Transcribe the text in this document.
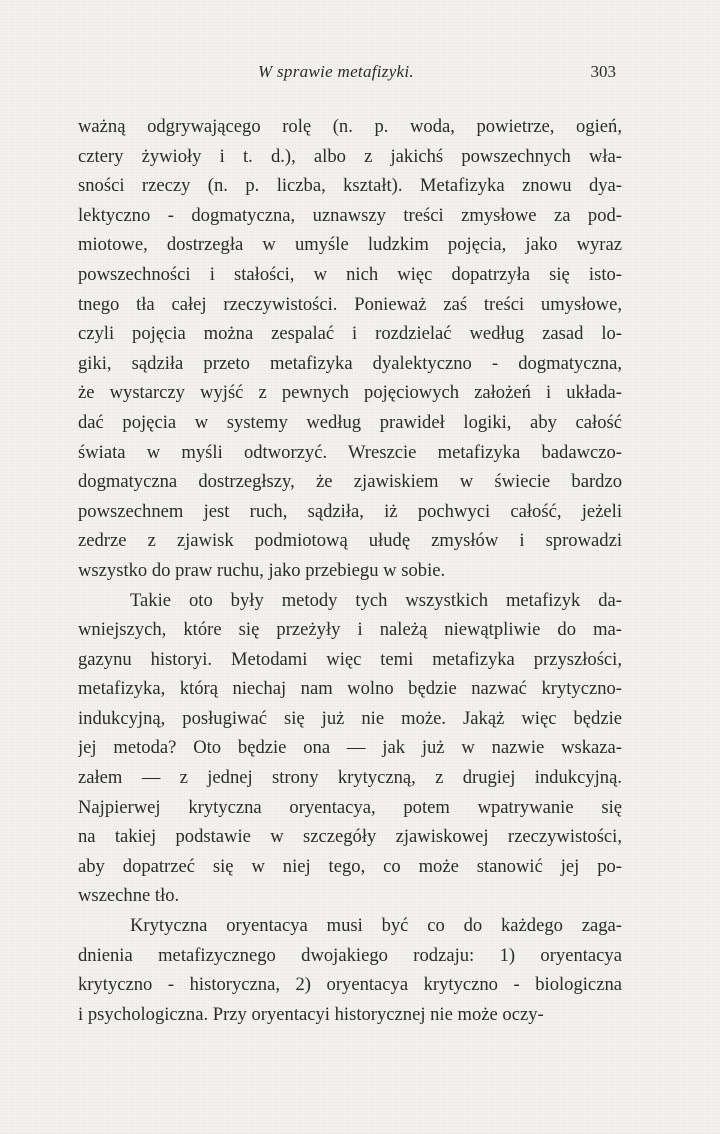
W sprawie metafizyki.	303
ważną odgrywającego rolę (n. p. woda, powietrze, ogień,
cztery żywioły i t. d.), albo z jakichś powszechnych wła-
sności rzeczy (n. p. liczba, kształt). Metafizyka znowu dya-
lektyczno - dogmatyczna, uznawszy treści zmysłowe za pod-
miotowe, dostrzegła w umyśle ludzkim pojęcia, jako wyraz
powszechności i stałości, w nich więc dopatrzyła się isto-
tnego tła całej rzeczywistości. Ponieważ zaś treści umysłowe,
czyli pojęcia można zespalać i rozdzielać według zasad lo-
giki, sądziła przeto metafizyka dyalektyczno - dogmatyczna,
że wystarczy wyjść z pewnych pojęciowych założeń i układa-
dać pojęcia w systemy według prawideł logiki, aby całość
świata w myśli odtworzyć. Wreszcie metafizyka badawczo-
dogmatyczna dostrzegłszy, że zjawiskiem w świecie bardzo
powszechnem jest ruch, sądziła, iż pochwyci całość, jeżeli
zedrze z zjawisk podmiotową ułudę zmysłów i sprowadzi
wszystko do praw ruchu, jako przebiegu w sobie.
Takie oto były metody tych wszystkich metafizyk da-
wniejszych, które się przeżyły i należą niewątpliwie do ma-
gazynu historyi. Metodami więc temi metafizyka przyszłości,
metafizyka, którą niechaj nam wolno będzie nazwać krytyczno-
indukcyjną, posługiwać się już nie może. Jakąż więc będzie
jej metoda? Oto będzie ona — jak już w nazwie wskaza-
załem — z jednej strony krytyczną, z drugiej indukcyjną.
Najpierwej krytyczna oryentacya, potem wpatrywanie się
na takiej podstawie w szczegóły zjawiskowej rzeczywistości,
aby dopatrzeć się w niej tego, co może stanowić jej po-
wszechne tło.
Krytyczna oryentacya musi być co do każdego zaga-
dnienia metafizycznego dwojakiego rodzaju: 1) oryentacya
krytyczno - historyczna, 2) oryentacya krytyczno - biologiczna
i psychologiczna. Przy oryentacyi historycznej nie może oczy-
